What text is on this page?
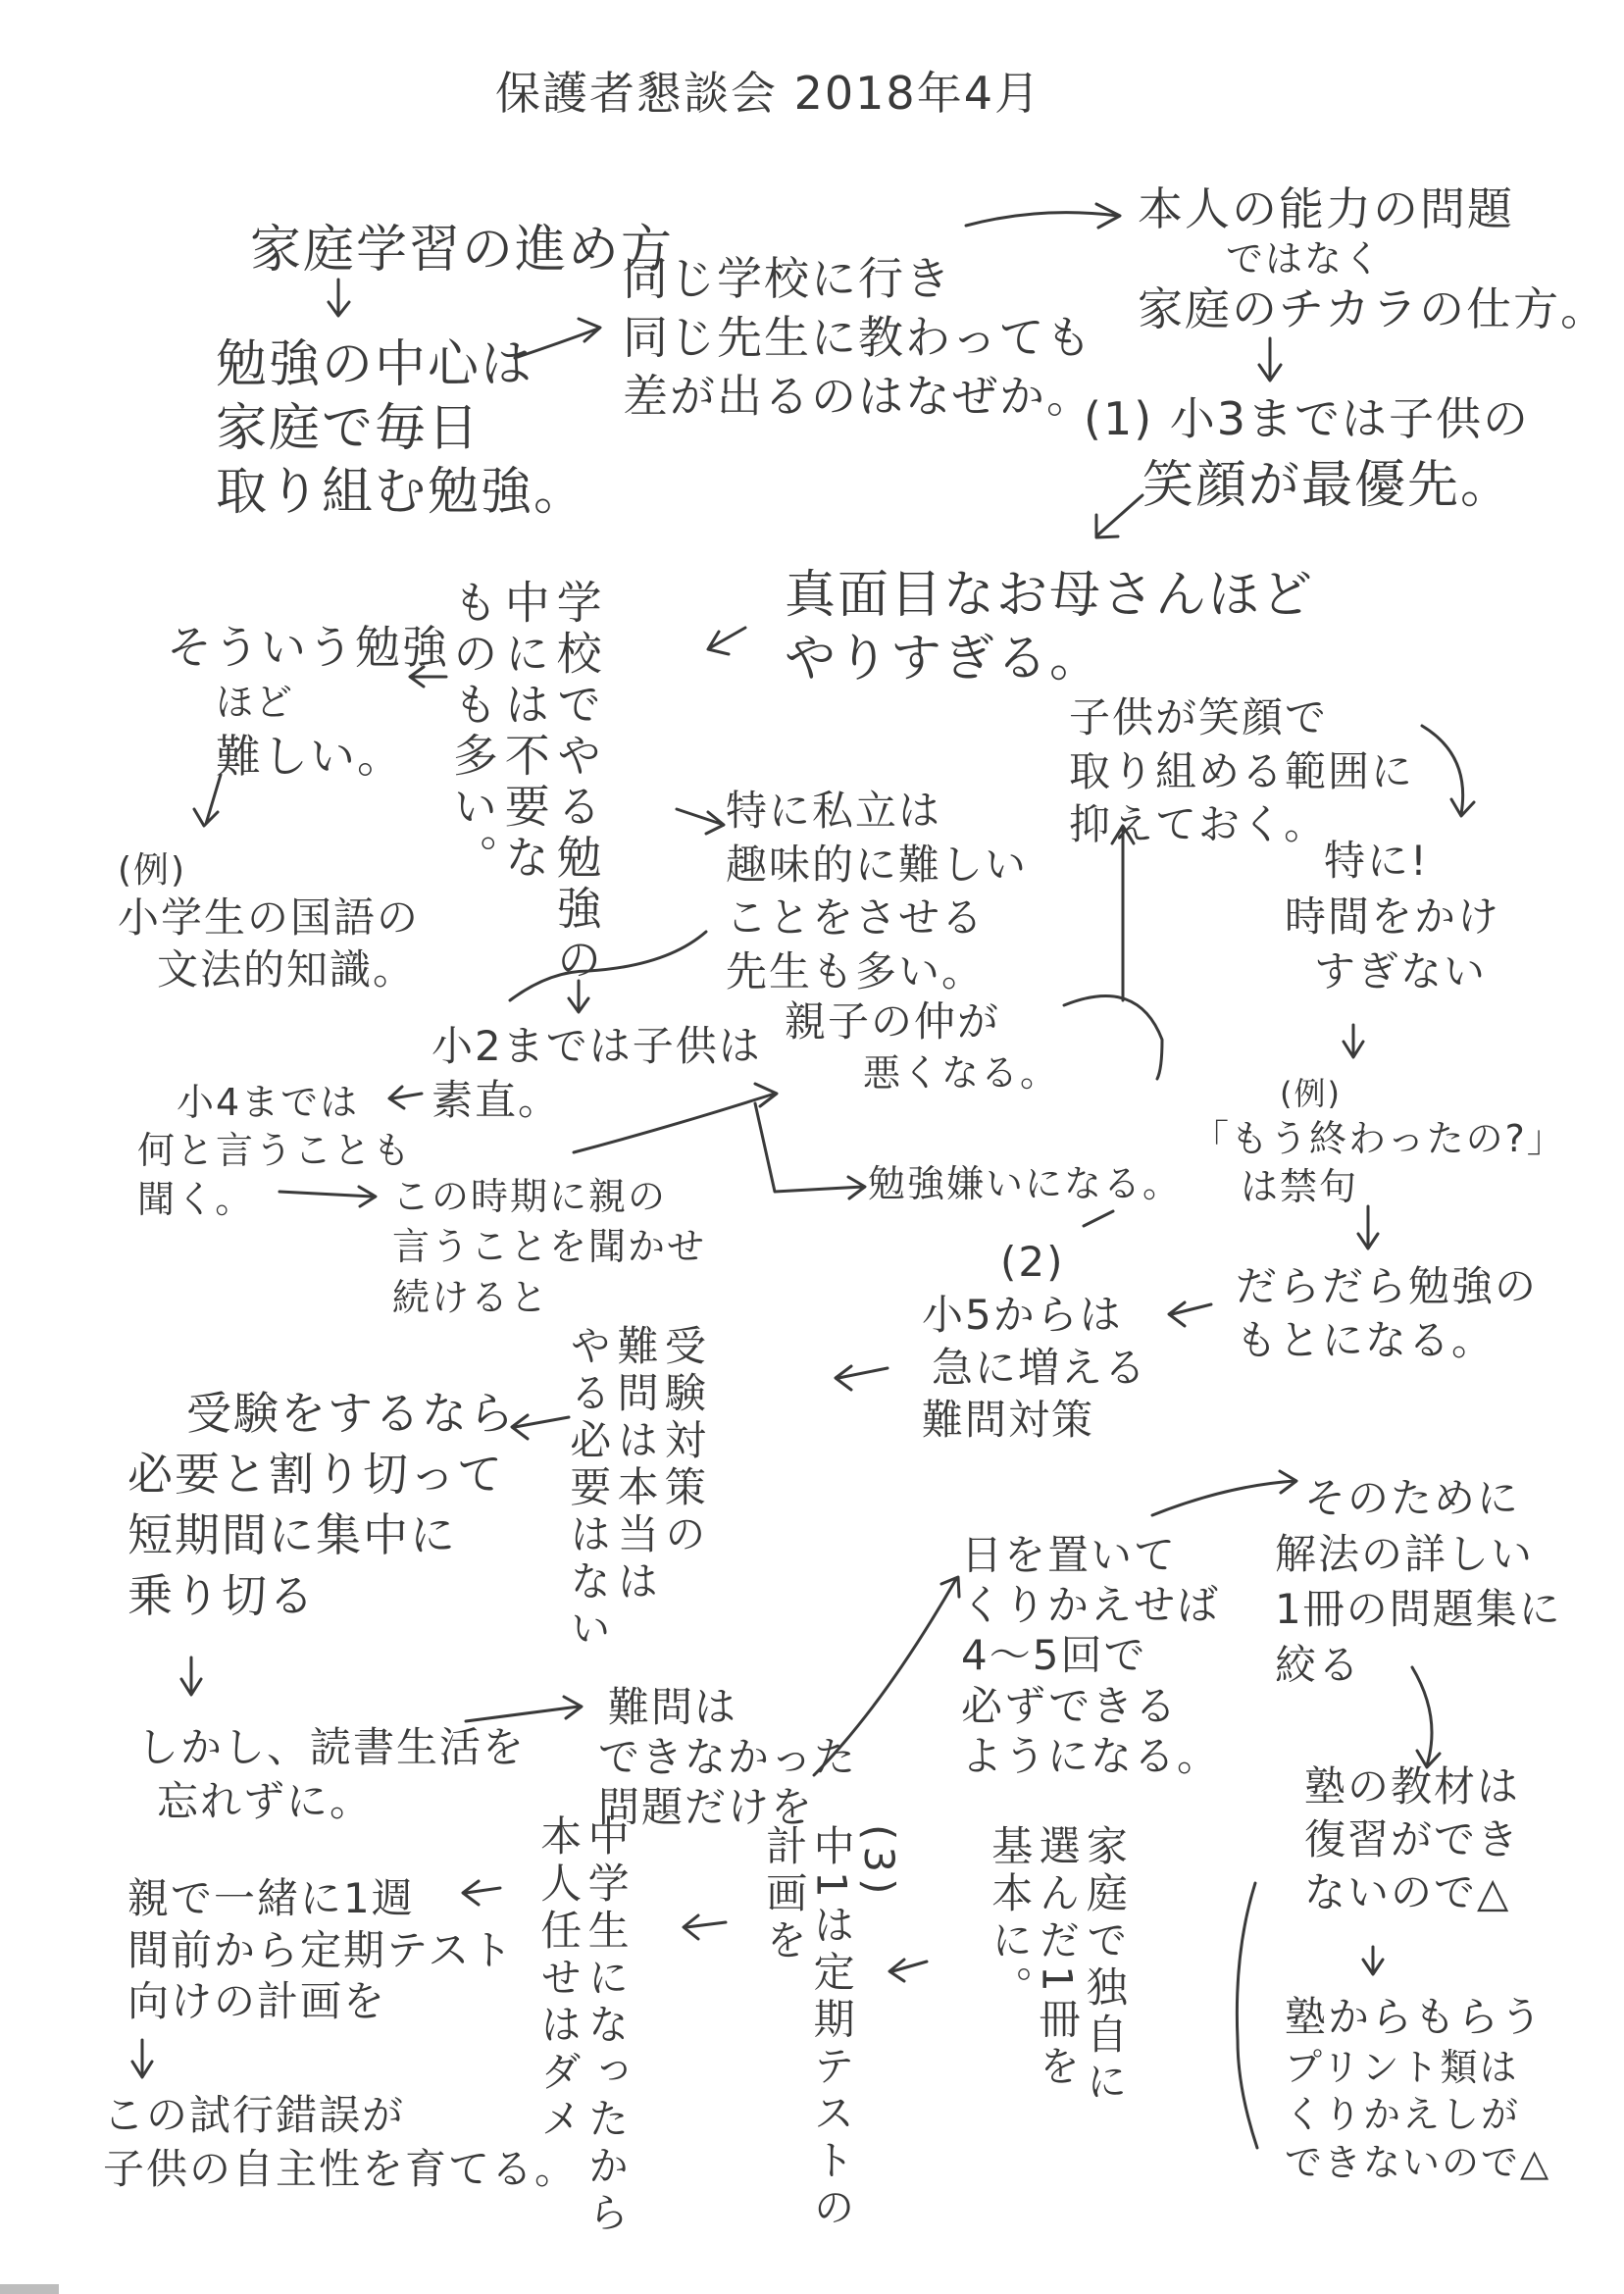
保護者懇談会 2018年4月

家庭学習の進め方

勉強の中心は
家庭で毎日
取り組む勉強。

同じ学校に行き
同じ先生に教わっても
差が出るのはなぜか。

本人の能力の問題
ではなく
家庭のチカラの仕方。

(1) 小3までは子供の
笑顔が最優先。

真面目なお母さんほど
やりすぎる。

学校でやる勉強の
中には不要な
ものも多い。

そういう勉強
ほど
難しい。

子供が笑顔で
取り組める範囲に
抑えておく。

(例)
小学生の国語の
文法的知識。

特に私立は
趣味的に難しい
ことをさせる
先生も多い。

特に!
時間をかけ
すぎない

小4までは
何と言うことも
聞く。

小2までは子供は
素直。

親子の仲が
悪くなる。

勉強嫌いになる。

この時期に親の
言うことを聞かせ
続けると

(例)
「もう終わったの?」
は禁句

だらだら勉強の
もとになる。

(2)
小5からは
急に増える
難問対策

受験対策の
難問は本当は
やる必要はない

受験をするなら
必要と割り切って
短期間に集中に
乗り切る

日を置いて
くりかえせば
4〜5回で
必ずできる
ようになる。

そのために
解法の詳しい
1冊の問題集に
絞る

しかし、読書生活を
忘れずに。

難問は
できなかった
問題だけを	塾の教材は
復習ができ
ないので△

塾からもらう
プリント類は
くりかえしが
できないので△

親で一緒に1週
間前から定期テスト
向けの計画を

この試行錯誤が
子供の自主性を育てる。 中学生になったから
本人任せはダメ	(3)
中1は定期テストの
計画を	家庭で独自に
選んだ1冊を
基本に。
